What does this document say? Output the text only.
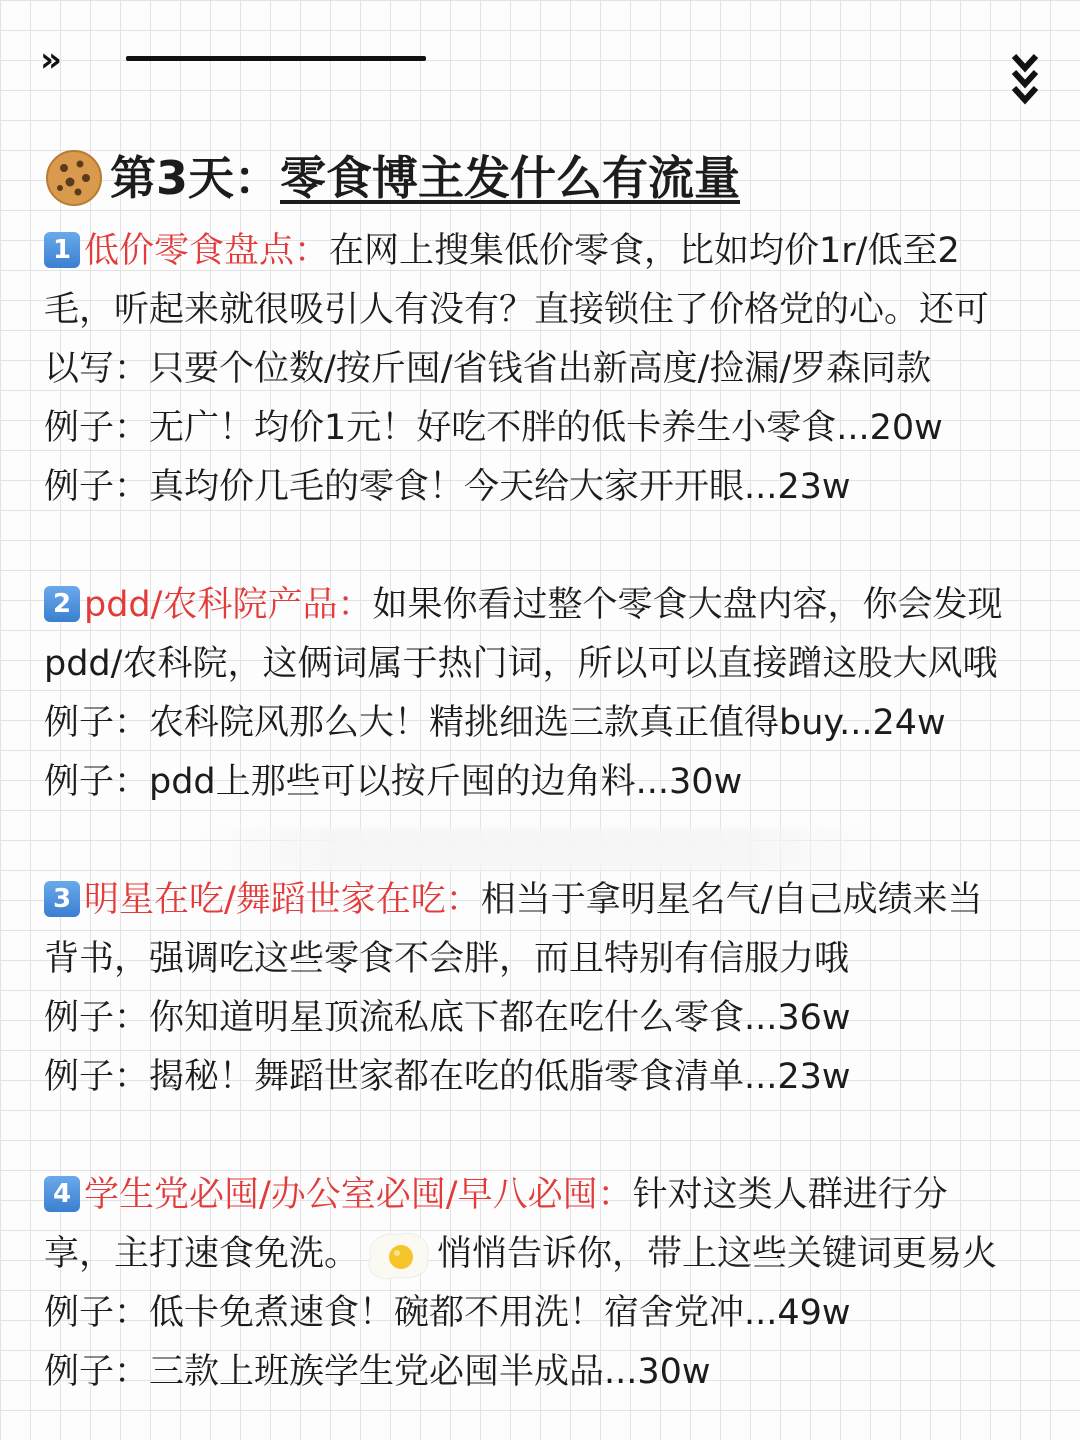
»
第3天： 零食博主发什么有流量
1 低价零食盘点：在网上搜集低价零食，比如均价1r/低至2
毛，听起来就很吸引人有没有？直接锁住了价格党的心。还可
以写：只要个位数/按斤囤/省钱省出新高度/捡漏/罗森同款
例子：无广！均价1元！好吃不胖的低卡养生小零食...20w
例子：真均价几毛的零食！今天给大家开开眼...23w
2 pdd/农科院产品：如果你看过整个零食大盘内容，你会发现
pdd/农科院，这俩词属于热门词，所以可以直接蹭这股大风哦
例子：农科院风那么大！精挑细选三款真正值得buy...24w
例子：pdd上那些可以按斤囤的边角料...30w
3 明星在吃/舞蹈世家在吃：相当于拿明星名气/自己成绩来当
背书，强调吃这些零食不会胖，而且特别有信服力哦
例子：你知道明星顶流私底下都在吃什么零食...36w
例子：揭秘！舞蹈世家都在吃的低脂零食清单...23w
4 学生党必囤/办公室必囤/早八必囤：针对这类人群进行分
享，主打速食免洗。 悄悄告诉你，带上这些关键词更易火
例子：低卡免煮速食！碗都不用洗！宿舍党冲...49w
例子：三款上班族学生党必囤半成品...30w
